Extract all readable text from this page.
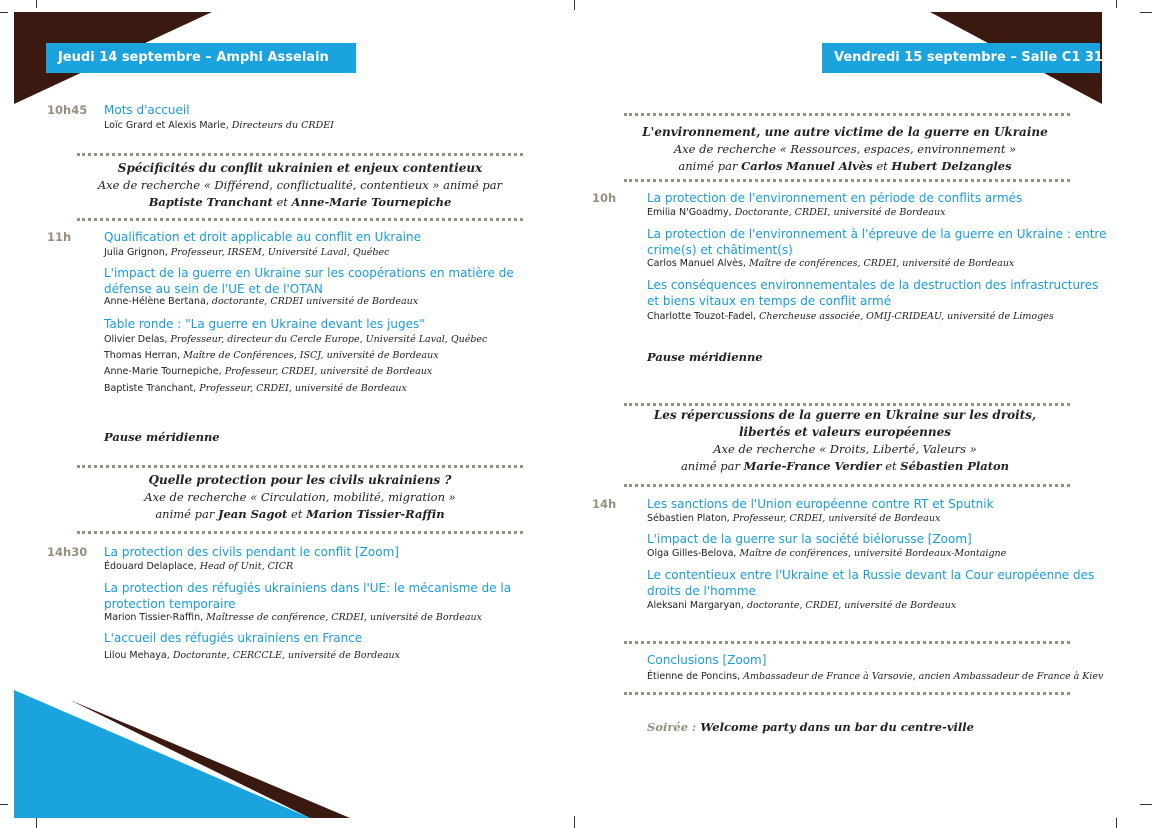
Jeudi 14 septembre – Amphi Asselain	Vendredi 15 septembre – Salle C1 316
10h45 Mots d'accueil
Loïc Grard et Alexis Marie, Directeurs du CRDEI
Spécificités du conflit ukrainien et enjeux contentieux
Axe de recherche « Différend, conflictualité, contentieux » animé par
Baptiste Tranchant et Anne-Marie Tournepiche
11h	Qualification et droit applicable au conflit en Ukraine
Julia Grignon, Professeur, IRSEM, Université Laval, Québec
L'impact de la guerre en Ukraine sur les coopérations en matière de défense au sein de l'UE et de l'OTAN
Anne-Hélène Bertana, doctorante, CRDEI université de Bordeaux
Table ronde : "La guerre en Ukraine devant les juges"
Olivier Delas, Professeur, directeur du Cercle Europe, Université Laval, Québec
Thomas Herran, Maître de Conférences, ISCJ, université de Bordeaux
Anne-Marie Tournepiche, Professeur, CRDEI, université de Bordeaux
Baptiste Tranchant, Professeur, CRDEI, université de Bordeaux
Pause méridienne
Quelle protection pour les civils ukrainiens ?
Axe de recherche « Circulation, mobilité, migration »
animé par Jean Sagot et Marion Tissier-Raffin
14h30 La protection des civils pendant le conflit [Zoom]
Édouard Delaplace, Head of Unit, CICR
La protection des réfugiés ukrainiens dans l'UE: le mécanisme de la protection temporaire
Marion Tissier-Raffin, Maîtresse de conférence, CRDEI, université de Bordeaux
L'accueil des réfugiés ukrainiens en France
Lilou Mehaya, Doctorante, CERCCLE, université de Bordeaux
L'environnement, une autre victime de la guerre en Ukraine
Axe de recherche « Ressources, espaces, environnement »
animé par Carlos Manuel Alvès et Hubert Delzangles
10h	La protection de l'environnement en période de conflits armés
Emilia N'Goadmy, Doctorante, CRDEI, université de Bordeaux
La protection de l'environnement à l'épreuve de la guerre en Ukraine : entre crime(s) et châtiment(s)
Carlos Manuel Alvès, Maître de conférences, CRDEI, université de Bordeaux
Les conséquences environnementales de la destruction des infrastructures et biens vitaux en temps de conflit armé
Charlotte Touzot-Fadel, Chercheuse associée, OMIJ-CRIDEAU, université de Limoges
Pause méridienne
Les répercussions de la guerre en Ukraine sur les droits,
libertés et valeurs européennes
Axe de recherche « Droits, Liberté, Valeurs »
animé par Marie-France Verdier et Sébastien Platon
14h	Les sanctions de l'Union européenne contre RT et Sputnik
Sébastien Platon, Professeur, CRDEI, université de Bordeaux
L'impact de la guerre sur la société biélorusse [Zoom]
Olga Gilles-Belova, Maître de conférences, université Bordeaux-Montaigne
Le contentieux entre l'Ukraine et la Russie devant la Cour européenne des droits de l'homme
Aleksani Margaryan, doctorante, CRDEI, université de Bordeaux
Conclusions [Zoom]
Étienne de Poncins, Ambassadeur de France à Varsovie, ancien Ambassadeur de France à Kiev
Soirée : Welcome party dans un bar du centre-ville
